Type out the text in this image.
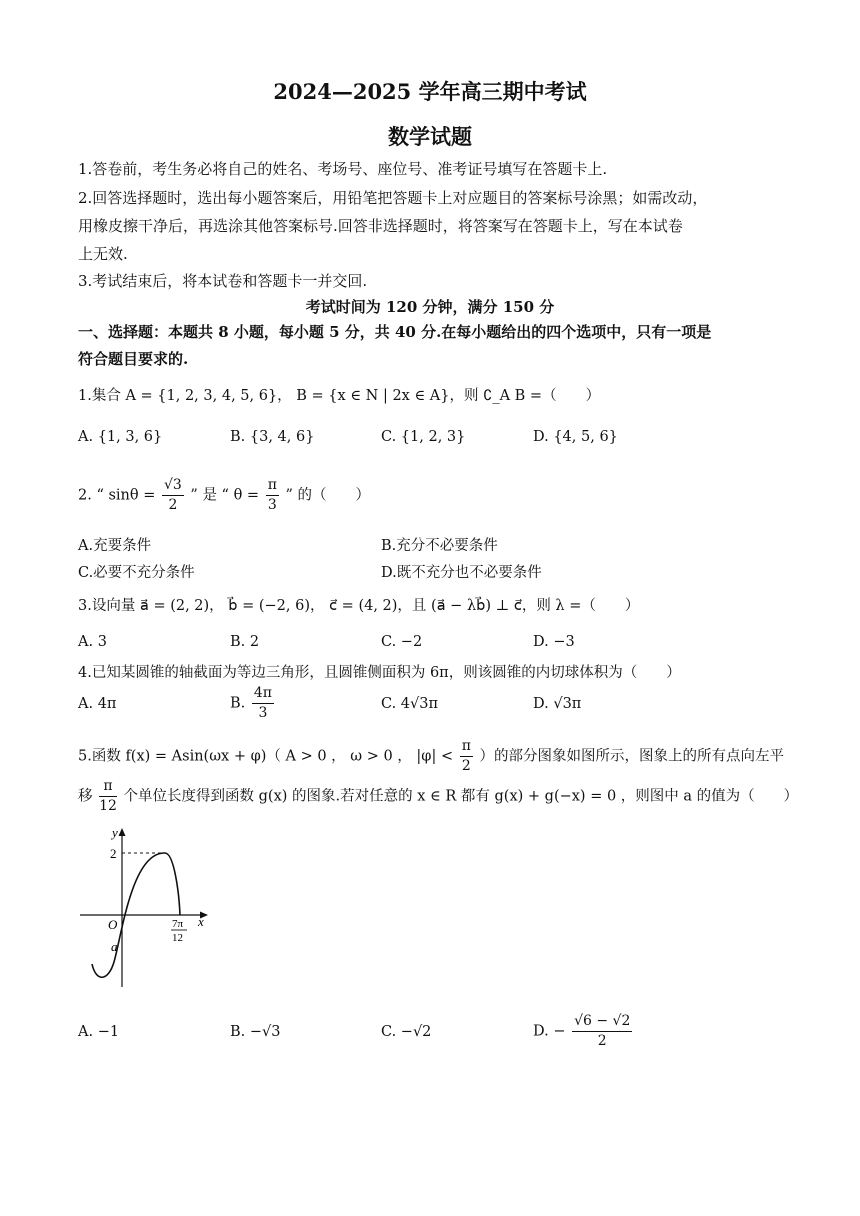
2024—2025 学年高三期中考试
数学试题
1.答卷前，考生务必将自己的姓名、考场号、座位号、准考证号填写在答题卡上.
2.回答选择题时，选出每小题答案后，用铅笔把答题卡上对应题目的答案标号涂黑；如需改动，
用橡皮擦干净后，再选涂其他答案标号.回答非选择题时，将答案写在答题卡上，写在本试卷
上无效.
3.考试结束后，将本试卷和答题卡一并交回.
考试时间为 120 分钟，满分 150 分
一、选择题：本题共 8 小题，每小题 5 分，共 40 分.在每小题给出的四个选项中，只有一项是
符合题目要求的.
1.集合 A = {1, 2, 3, 4, 5, 6}， B = {x ∈ N | 2x ∈ A}，则 ∁_A B =（　　）
A. {1, 3, 6}	B. {3, 4, 6}	C. {1, 2, 3}	D. {4, 5, 6}
2. “ $\sin\theta = \frac{√3}{2}$ ” 是 “ $\theta = \frac{\pi}{3}$ ” 的（　　）
A.充要条件	B.充分不必要条件
C.必要不充分条件	D.既不充分也不必要条件
3.设向量 a⃗ = (2, 2)， b⃗ = (−2, 6)， c⃗ = (4, 2)，且 (a⃗ − λb⃗) ⊥ c⃗，则 λ =（　　）
A. 3	B. 2	C. −2	D. −3
4.已知某圆锥的轴截面为等边三角形，且圆锥侧面积为 6π，则该圆锥的内切球体积为（　　）
A. 4π	B. $\frac{4\pi}{3}$	C. 4√3π	D. √3π
5.函数 f(x) = Asin(ωx + φ)（ A > 0 ， ω > 0 ， $|\varphi| < \frac{\pi}{2}$ ）的部分图象如图所示，图象上的所有点向左平
移 $\frac{\pi}{12}$ 个单位长度得到函数 g(x) 的图象.若对任意的 x ∈ R 都有 g(x) + g(−x) = 0 ，则图中 a 的值为（　　）
y
x
O
2
a
7π
12
A. −1	B. −√3	C. −√2	D. − $\frac{√6 - √2}{2}$
